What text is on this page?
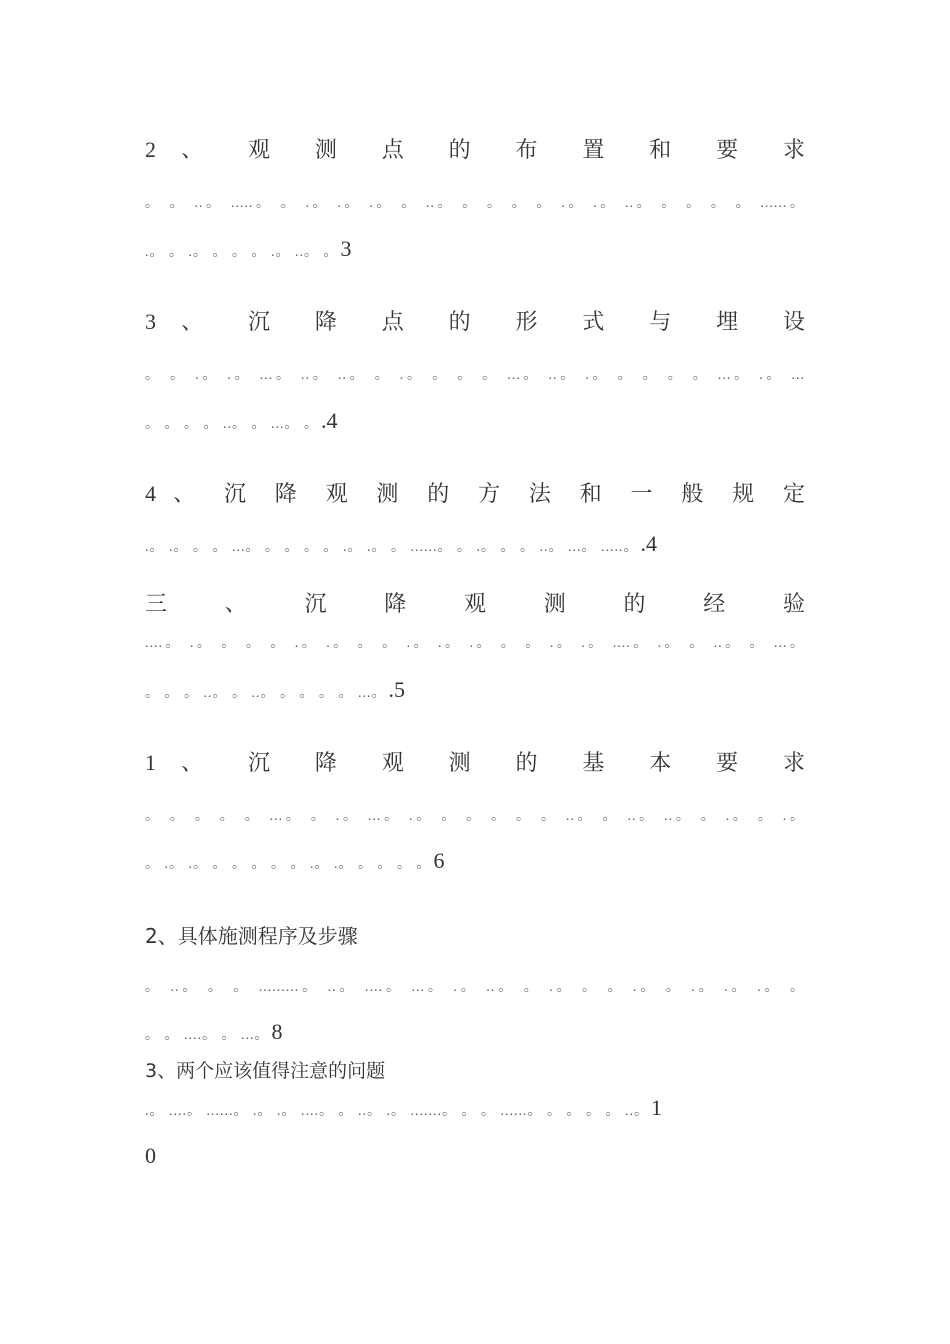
2 、 观 测 点 的 布 置 和 要 求
。 。 ..。 .....。 。 .。 .。 .。 。 ..。 。 。 。 。 .。 .。 ..。 。 。 。 。 ......。
.。 。 .。 。 。 。 .。 ..。 。3
3 、 沉 降 点 的 形 式 与 埋 设
。 。 .。 .。 ...。 ..。 ..。 。 .。 。 。 。 ...。 ..。 .。 。 。 。 。 ...。 .。 ...
。 。 。 。 ..。 。 ...。 。.4
4 、 沉 降 观 测 的 方 法 和 一 般 规 定
.。 .。 。 。 ...。 。 。 。 。 .。 .。 。 ......。 。 .。 。 。 ..。 ...。 .....。.4
三 、 沉 降 观 测 的 经 验
....。 .。 。 。 。 .。 .。 。 。 .。 .。 .。 。 。 .。 .。 ....。 .。 。 ..。 。 ...。
。 。 。 ..。 。 ..。 。 。 。 。 ...。.5
1 、 沉 降 观 测 的 基 本 要 求
。 。 。 。 。 ...。 。 .。 ...。 .。 。 。 。 。 。 ..。 。 ..。 ..。 。 .。 。 .。
。 .。 .。 。 。 。 。 。 .。 .。 。 。 。 。6
2、具体施测程序及步骤
。 ..。 。 。 .........。 ..。 ....。 ...。 .。 ..。 。 .。 。 。 .。 。 .。 .。 .。 。
。 。 ....。 。 ...。8
3、两个应该值得注意的问题
.。 ....。 ......。 .。 .。 ....。 。 ..。 .。 .......。 。 。 ......。 。 。 。 。 ..。1
0
